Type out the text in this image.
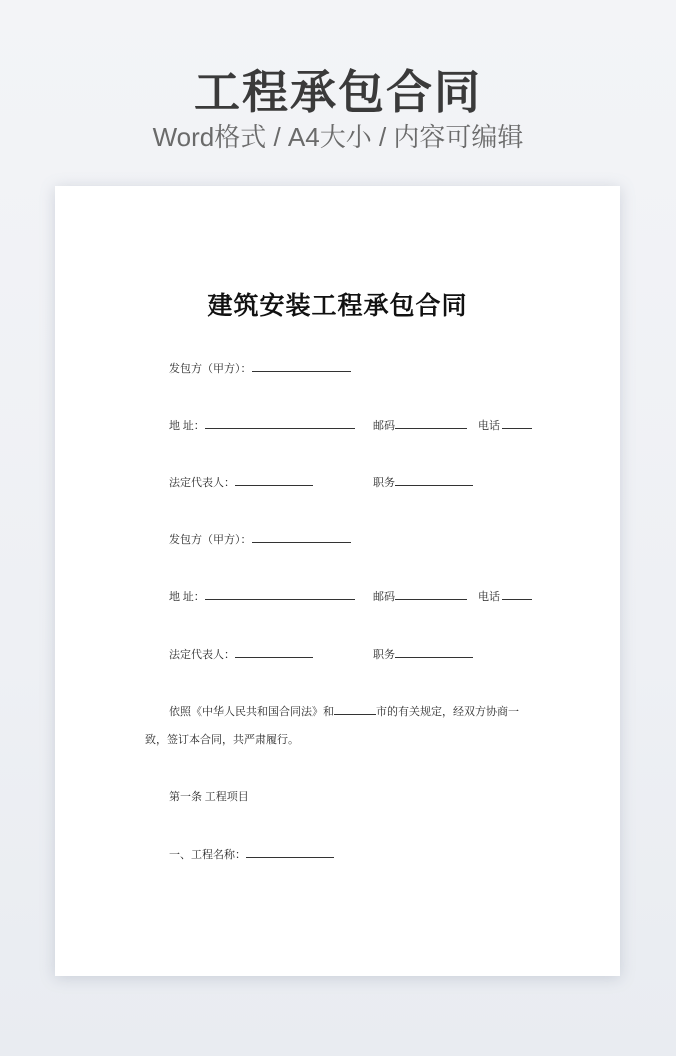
工程承包合同
Word格式 / A4大小 / 内容可编辑
建筑安装工程承包合同
发包方（甲方）：
地 址：	邮码	电话
法定代表人：	职务
发包方（甲方）：
地 址：	邮码	电话
法定代表人：	职务
依照《中华人民共和国合同法》和	市的有关规定，经双方协商一
致，签订本合同，共严肃履行。
第一条 工程项目
一、工程名称：
